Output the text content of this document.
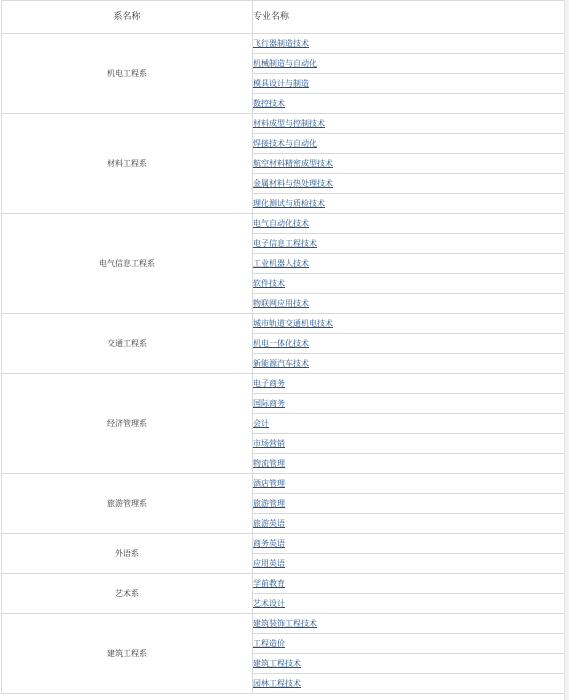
系名称	专业名称
机电工程系	飞行器制造技术
	机械制造与自动化
	模具设计与制造
	数控技术
材料工程系	材料成型与控制技术
	焊接技术与自动化
	航空材料精密成型技术
	金属材料与热处理技术
	理化测试与质检技术
电气信息工程系	电气自动化技术
	电子信息工程技术
	工业机器人技术
	软件技术
	物联网应用技术
交通工程系	城市轨道交通机电技术
	机电一体化技术
	新能源汽车技术
经济管理系	电子商务
	国际商务
	会计
	市场营销
	物流管理
旅游管理系	酒店管理
	旅游管理
	旅游英语
外语系	商务英语
	应用英语
艺术系	学前教育
	艺术设计
建筑工程系	建筑装饰工程技术
	工程造价
	建筑工程技术
	园林工程技术
